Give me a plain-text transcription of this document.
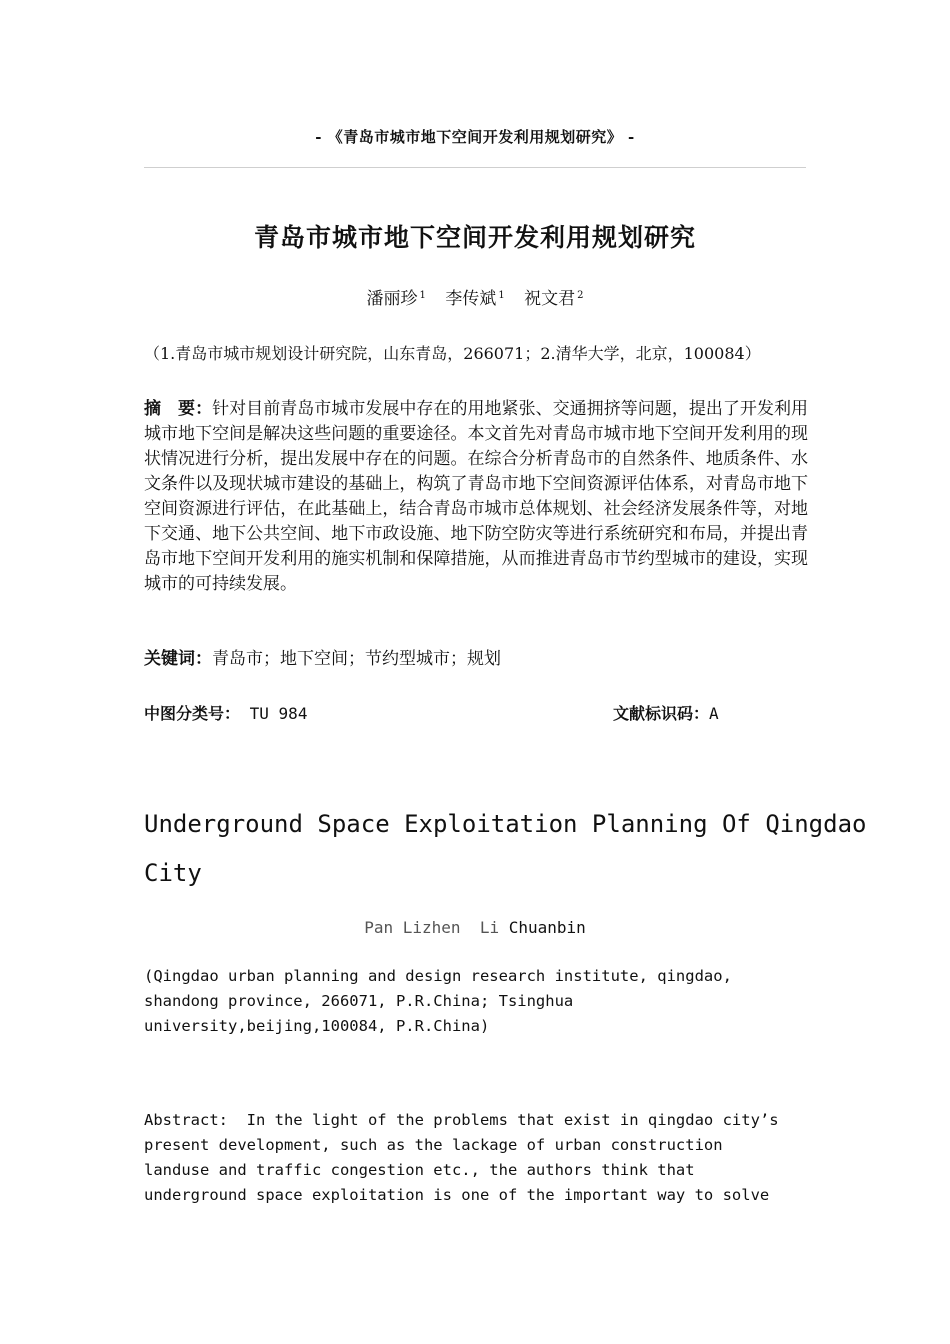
- 《青岛市城市地下空间开发利用规划研究》 -
青岛市城市地下空间开发利用规划研究
潘丽珍 $^1$ 李传斌 $^1$ 祝文君 $^2$
（1.青岛市城市规划设计研究院，山东青岛，266071；2.清华大学，北京，100084）
摘　要：针对目前青岛市城市发展中存在的用地紧张、交通拥挤等问题，提出了开发利用城市地下空间是解决这些问题的重要途径。本文首先对青岛市城市地下空间开发利用的现状情况进行分析，提出发展中存在的问题。在综合分析青岛市的自然条件、地质条件、水文条件以及现状城市建设的基础上，构筑了青岛市地下空间资源评估体系，对青岛市地下空间资源进行评估，在此基础上，结合青岛市城市总体规划、社会经济发展条件等，对地下交通、地下公共空间、地下市政设施、地下防空防灾等进行系统研究和布局，并提出青岛市地下空间开发利用的施实机制和保障措施，从而推进青岛市节约型城市的建设，实现城市的可持续发展。
关键词：青岛市；地下空间；节约型城市；规划
中图分类号： TU 984	文献标识码：A
Underground Space Exploitation Planning Of Qingdao
City
Pan Lizhen  Li Chuanbin
(Qingdao urban planning and design research institute, qingdao,
shandong province, 266071, P.R.China; Tsinghua
university,beijing,100084, P.R.China)
Abstract:  In the light of the problems that exist in qingdao city’s
present development, such as the lackage of urban construction
landuse and traffic congestion etc., the authors think that
underground space exploitation is one of the important way to solve
